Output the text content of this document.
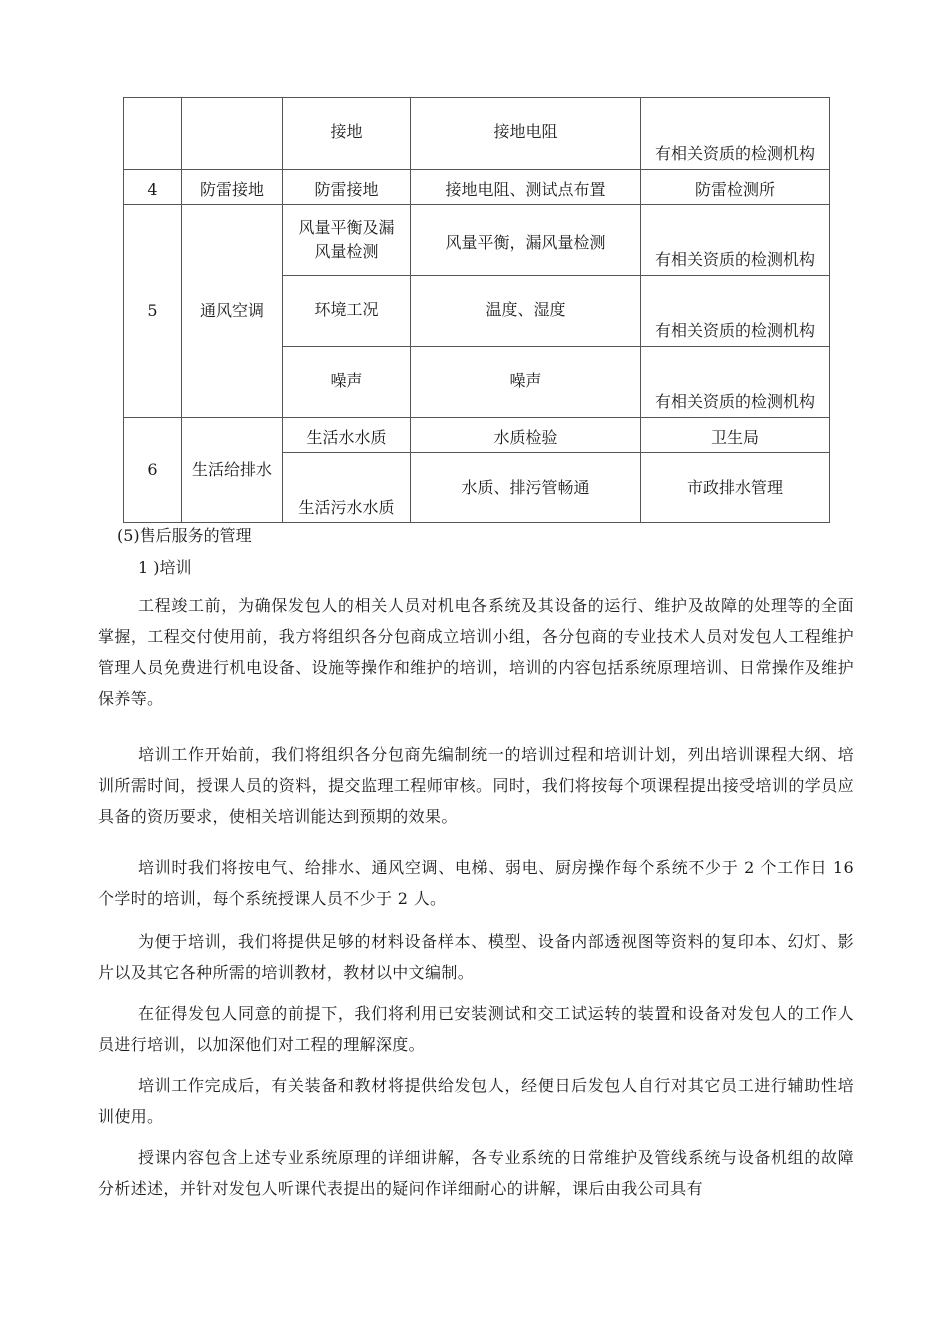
		接地	接地电阻	有相关资质的检测机构
4	防雷接地	防雷接地	接地电阻、测试点布置	防雷检测所
5	通风空调	风量平衡及漏风量检测	风量平衡，漏风量检测	有相关资质的检测机构
		环境工况	温度、湿度	有相关资质的检测机构
		噪声	噪声	有相关资质的检测机构
6	生活给排水	生活水水质	水质检验	卫生局
		生活污水水质	水质、排污管畅通	市政排水管理
(5)售后服务的管理
1 )培训

工程竣工前，为确保发包人的相关人员对机电各系统及其设备的运行、维护及故障的处理等的全面掌握，工程交付使用前，我方将组织各分包商成立培训小组，各分包商的专业技术人员对发包人工程维护管理人员免费进行机电设备、设施等操作和维护的培训，培训的内容包括系统原理培训、日常操作及维护保养等。

培训工作开始前，我们将组织各分包商先编制统一的培训过程和培训计划，列出培训课程大纲、培训所需时间，授课人员的资料，提交监理工程师审核。同时，我们将按每个项课程提出接受培训的学员应具备的资历要求，使相关培训能达到预期的效果。

培训时我们将按电气、给排水、通风空调、电梯、弱电、厨房操作每个系统不少于 2 个工作日 16 个学时的培训，每个系统授课人员不少于 2 人。

为便于培训，我们将提供足够的材料设备样本、模型、设备内部透视图等资料的复印本、幻灯、影片以及其它各种所需的培训教材，教材以中文编制。

在征得发包人同意的前提下，我们将利用已安装测试和交工试运转的装置和设备对发包人的工作人员进行培训，以加深他们对工程的理解深度。

培训工作完成后，有关装备和教材将提供给发包人，经便日后发包人自行对其它员工进行辅助性培训使用。

授课内容包含上述专业系统原理的详细讲解，各专业系统的日常维护及管线系统与设备机组的故障分析述述，并针对发包人听课代表提出的疑问作详细耐心的讲解，课后由我公司具有
